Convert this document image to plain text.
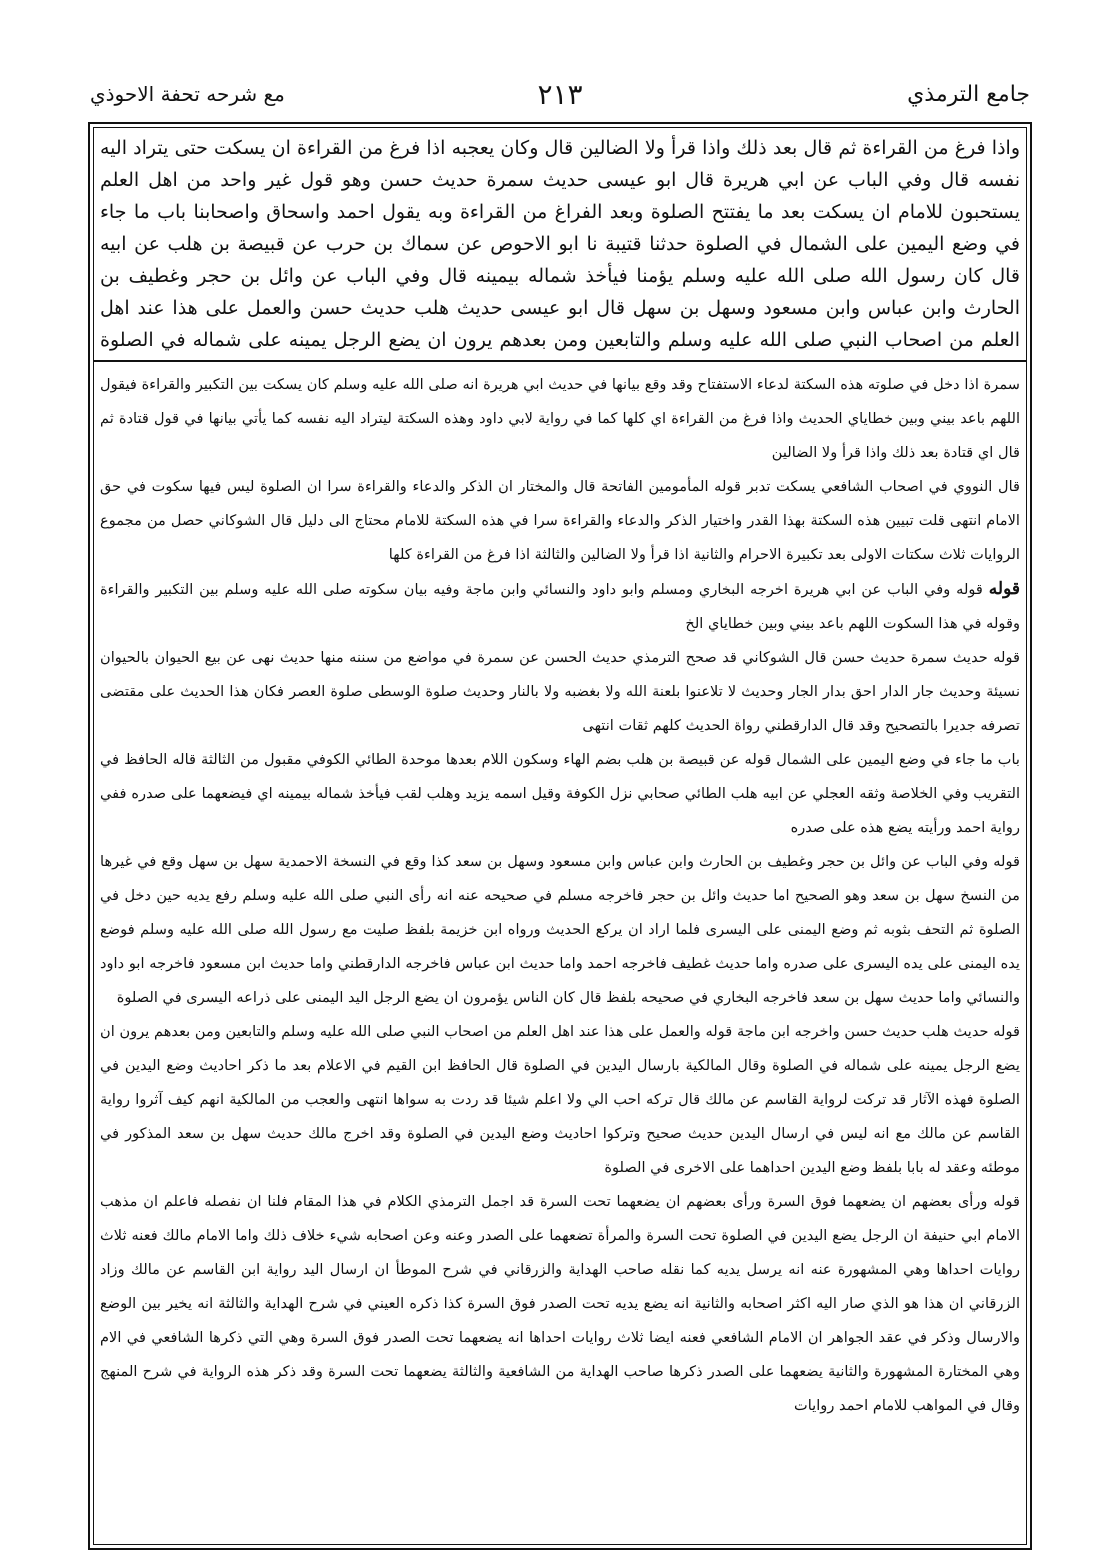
جامع الترمذي
٢١٣
مع شرحه تحفة الاحوذي
واذا فرغ من القراءة ثم قال بعد ذلك واذا قرأ ولا الضالين قال وكان يعجبه اذا فرغ من القراءة ان يسكت حتى يتراد اليه نفسه قال وفي الباب عن ابي هريرة قال ابو عيسى حديث سمرة حديث حسن وهو قول غير واحد من اهل العلم يستحبون للامام ان يسكت بعد ما يفتتح الصلوة وبعد الفراغ من القراءة وبه يقول احمد واسحاق واصحابنا باب ما جاء في وضع اليمين على الشمال في الصلوة حدثنا قتيبة نا ابو الاحوص عن سماك بن حرب عن قبيصة بن هلب عن ابيه قال كان رسول الله صلى الله عليه وسلم يؤمنا فيأخذ شماله بيمينه قال وفي الباب عن وائل بن حجر وغطيف بن الحارث وابن عباس وابن مسعود وسهل بن سهل قال ابو عيسى حديث هلب حديث حسن والعمل على هذا عند اهل العلم من اصحاب النبي صلى الله عليه وسلم والتابعين ومن بعدهم يرون ان يضع الرجل يمينه على شماله في الصلوة

سمرة اذا دخل في صلوته هذه السكتة لدعاء الاستفتاح وقد وقع بيانها في حديث ابي هريرة انه صلى الله عليه وسلم كان يسكت بين التكبير والقراءة فيقول اللهم باعد بيني وبين خطاياي الحديث واذا فرغ من القراءة اي كلها كما في رواية لابي داود وهذه السكتة ليتراد اليه نفسه كما يأتي بيانها في قول قتادة ثم قال اي قتادة بعد ذلك واذا قرأ ولا الضالين

قال النووي في اصحاب الشافعي يسكت تدبر قوله المأمومين الفاتحة قال والمختار ان الذكر والدعاء والقراءة سرا ان الصلوة ليس فيها سكوت في حق الامام انتهى قلت تبيين هذه السكتة بهذا القدر واختيار الذكر والدعاء والقراءة سرا في هذه السكتة للامام محتاج الى دليل قال الشوكاني حصل من مجموع الروايات ثلاث سكتات الاولى بعد تكبيرة الاحرام والثانية اذا قرأ ولا الضالين والثالثة اذا فرغ من القراءة كلها

قوله قوله وفي الباب عن ابي هريرة اخرجه البخاري ومسلم وابو داود والنسائي وابن ماجة وفيه بيان سكوته صلى الله عليه وسلم بين التكبير والقراءة وقوله في هذا السكوت اللهم باعد بيني وبين خطاياي الخ

قوله حديث سمرة حديث حسن قال الشوكاني قد صحح الترمذي حديث الحسن عن سمرة في مواضع من سننه منها حديث نهى عن بيع الحيوان بالحيوان نسيئة وحديث جار الدار احق بدار الجار وحديث لا تلاعنوا بلعنة الله ولا بغضبه ولا بالنار وحديث صلوة الوسطى صلوة العصر فكان هذا الحديث على مقتضى تصرفه جديرا بالتصحيح وقد قال الدارقطني رواة الحديث كلهم ثقات انتهى

باب ما جاء في وضع اليمين على الشمال قوله عن قبيصة بن هلب بضم الهاء وسكون اللام بعدها موحدة الطائي الكوفي مقبول من الثالثة قاله الحافظ في التقريب وفي الخلاصة وثقه العجلي عن ابيه هلب الطائي صحابي نزل الكوفة وقيل اسمه يزيد وهلب لقب فيأخذ شماله بيمينه اي فيضعهما على صدره ففي رواية احمد ورأيته يضع هذه على صدره

قوله وفي الباب عن وائل بن حجر وغطيف بن الحارث وابن عباس وابن مسعود وسهل بن سعد كذا وقع في النسخة الاحمدية سهل بن سهل وقع في غيرها من النسخ سهل بن سعد وهو الصحيح اما حديث وائل بن حجر فاخرجه مسلم في صحيحه عنه انه رأى النبي صلى الله عليه وسلم رفع يديه حين دخل في الصلوة ثم التحف بثوبه ثم وضع اليمنى على اليسرى فلما اراد ان يركع الحديث ورواه ابن خزيمة بلفظ صليت مع رسول الله صلى الله عليه وسلم فوضع يده اليمنى على يده اليسرى على صدره واما حديث غطيف فاخرجه احمد واما حديث ابن عباس فاخرجه الدارقطني واما حديث ابن مسعود فاخرجه ابو داود والنسائي واما حديث سهل بن سعد فاخرجه البخاري في صحيحه بلفظ قال كان الناس يؤمرون ان يضع الرجل اليد اليمنى على ذراعه اليسرى في الصلوة

قوله حديث هلب حديث حسن واخرجه ابن ماجة قوله والعمل على هذا عند اهل العلم من اصحاب النبي صلى الله عليه وسلم والتابعين ومن بعدهم يرون ان يضع الرجل يمينه على شماله في الصلوة وقال المالكية بارسال اليدين في الصلوة قال الحافظ ابن القيم في الاعلام بعد ما ذكر احاديث وضع اليدين في الصلوة فهذه الآثار قد تركت لرواية القاسم عن مالك قال تركه احب الي ولا اعلم شيئا قد ردت به سواها انتهى والعجب من المالكية انهم كيف آثروا رواية القاسم عن مالك مع انه ليس في ارسال اليدين حديث صحيح وتركوا احاديث وضع اليدين في الصلوة وقد اخرج مالك حديث سهل بن سعد المذكور في موطئه وعقد له بابا بلفظ وضع اليدين احداهما على الاخرى في الصلوة

قوله ورأى بعضهم ان يضعهما فوق السرة ورأى بعضهم ان يضعهما تحت السرة قد اجمل الترمذي الكلام في هذا المقام فلنا ان نفصله فاعلم ان مذهب الامام ابي حنيفة ان الرجل يضع اليدين في الصلوة تحت السرة والمرأة تضعهما على الصدر وعنه وعن اصحابه شيء خلاف ذلك واما الامام مالك فعنه ثلاث روايات احداها وهي المشهورة عنه انه يرسل يديه كما نقله صاحب الهداية والزرقاني في شرح الموطأ ان ارسال اليد رواية ابن القاسم عن مالك وزاد الزرقاني ان هذا هو الذي صار اليه اكثر اصحابه والثانية انه يضع يديه تحت الصدر فوق السرة كذا ذكره العيني في شرح الهداية والثالثة انه يخير بين الوضع والارسال وذكر في عقد الجواهر ان الامام الشافعي فعنه ايضا ثلاث روايات احداها انه يضعهما تحت الصدر فوق السرة وهي التي ذكرها الشافعي في الام وهي المختارة المشهورة والثانية يضعهما على الصدر ذكرها صاحب الهداية من الشافعية والثالثة يضعهما تحت السرة وقد ذكر هذه الرواية في شرح المنهج وقال في المواهب للامام احمد روايات
